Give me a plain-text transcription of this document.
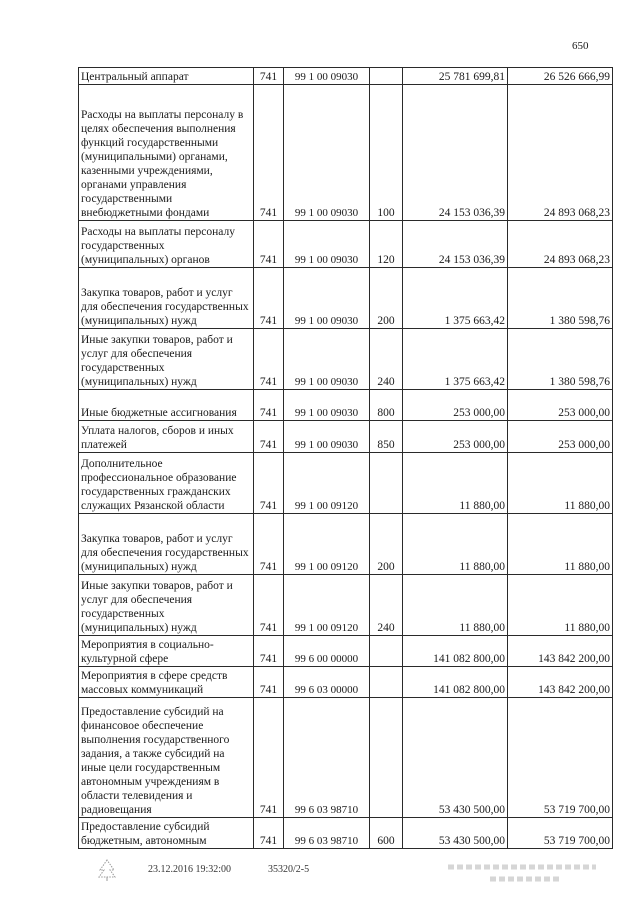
650
Центральный аппарат	741	99 1 00 09030		25 781 699,81	26 526 666,99
Расходы на выплаты персоналу в целях обеспечения выполнения функций государственными (муниципальными) органами, казенными учреждениями, органами управления государственными внебюджетными фондами	741	99 1 00 09030	100	24 153 036,39	24 893 068,23
Расходы на выплаты персоналу государственных (муниципальных) органов	741	99 1 00 09030	120	24 153 036,39	24 893 068,23
Закупка товаров, работ и услуг для обеспечения государственных (муниципальных) нужд	741	99 1 00 09030	200	1 375 663,42	1 380 598,76
Иные закупки товаров, работ и услуг для обеспечения государственных (муниципальных) нужд	741	99 1 00 09030	240	1 375 663,42	1 380 598,76
Иные бюджетные ассигнования	741	99 1 00 09030	800	253 000,00	253 000,00
Уплата налогов, сборов и иных платежей	741	99 1 00 09030	850	253 000,00	253 000,00
Дополнительное профессиональное образование государственных гражданских служащих Рязанской области	741	99 1 00 09120		11 880,00	11 880,00
Закупка товаров, работ и услуг для обеспечения государственных (муниципальных) нужд	741	99 1 00 09120	200	11 880,00	11 880,00
Иные закупки товаров, работ и услуг для обеспечения государственных (муниципальных) нужд	741	99 1 00 09120	240	11 880,00	11 880,00
Мероприятия в социально-культурной сфере	741	99 6 00 00000		141 082 800,00	143 842 200,00
Мероприятия в сфере средств массовых коммуникаций	741	99 6 03 00000		141 082 800,00	143 842 200,00
Предоставление субсидий на финансовое обеспечение выполнения государственного задания, а также субсидий на иные цели государственным автономным учреждениям в области телевидения и радиовещания	741	99 6 03 98710		53 430 500,00	53 719 700,00
Предоставление субсидий бюджетным, автономным	741	99 6 03 98710	600	53 430 500,00	53 719 700,00
23.12.2016 19:32:00	35320/2-5
